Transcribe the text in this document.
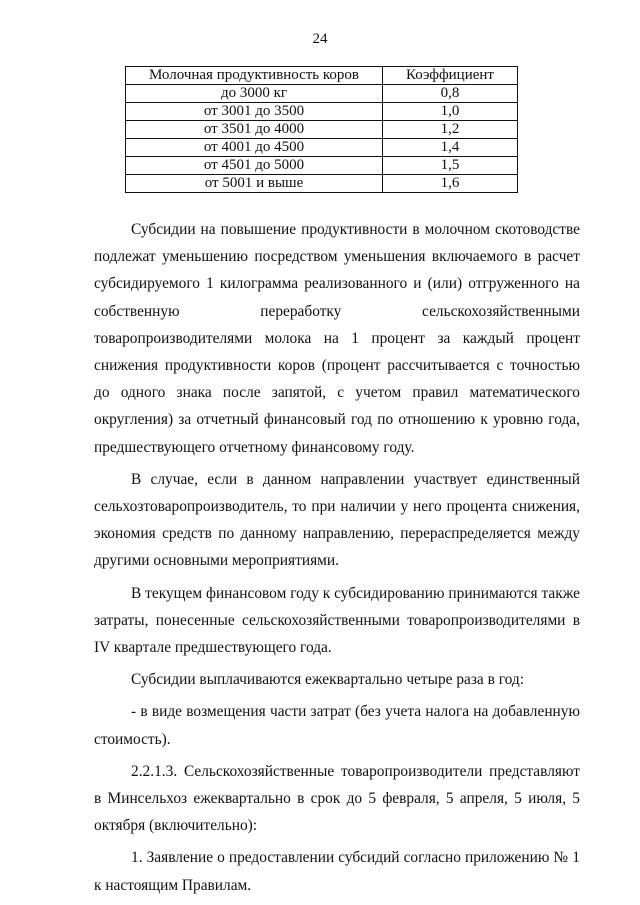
24
Молочная продуктивность коров	Коэффициент
до 3000 кг	0,8
от 3001 до 3500	1,0
от 3501 до 4000	1,2
от 4001 до 4500	1,4
от 4501 до 5000	1,5
от 5001 и выше	1,6

Субсидии на повышение продуктивности в молочном скотоводстве подлежат уменьшению посредством уменьшения включаемого в расчет субсидируемого 1 килограмма реализованного и (или) отгруженного на собственную переработку сельскохозяйственными товаропроизводителями молока на 1 процент за каждый процент снижения продуктивности коров (процент рассчитывается с точностью до одного знака после запятой, с учетом правил математического округления) за отчетный финансовый год по отношению к уровню года, предшествующего отчетному финансовому году.

В случае, если в данном направлении участвует единственный сельхозтоваропроизводитель, то при наличии у него процента снижения, экономия средств по данному направлению, перераспределяется между другими основными мероприятиями.

В текущем финансовом году к субсидированию принимаются также затраты, понесенные сельскохозяйственными товаропроизводителями в IV квартале предшествующего года.

Субсидии выплачиваются ежеквартально четыре раза в год:

- в виде возмещения части затрат (без учета налога на добавленную стоимость).

2.2.1.3. Сельскохозяйственные товаропроизводители представляют в Минсельхоз ежеквартально в срок до 5 февраля, 5 апреля, 5 июля, 5 октября (включительно):

1. Заявление о предоставлении субсидий согласно приложению № 1 к настоящим Правилам.
